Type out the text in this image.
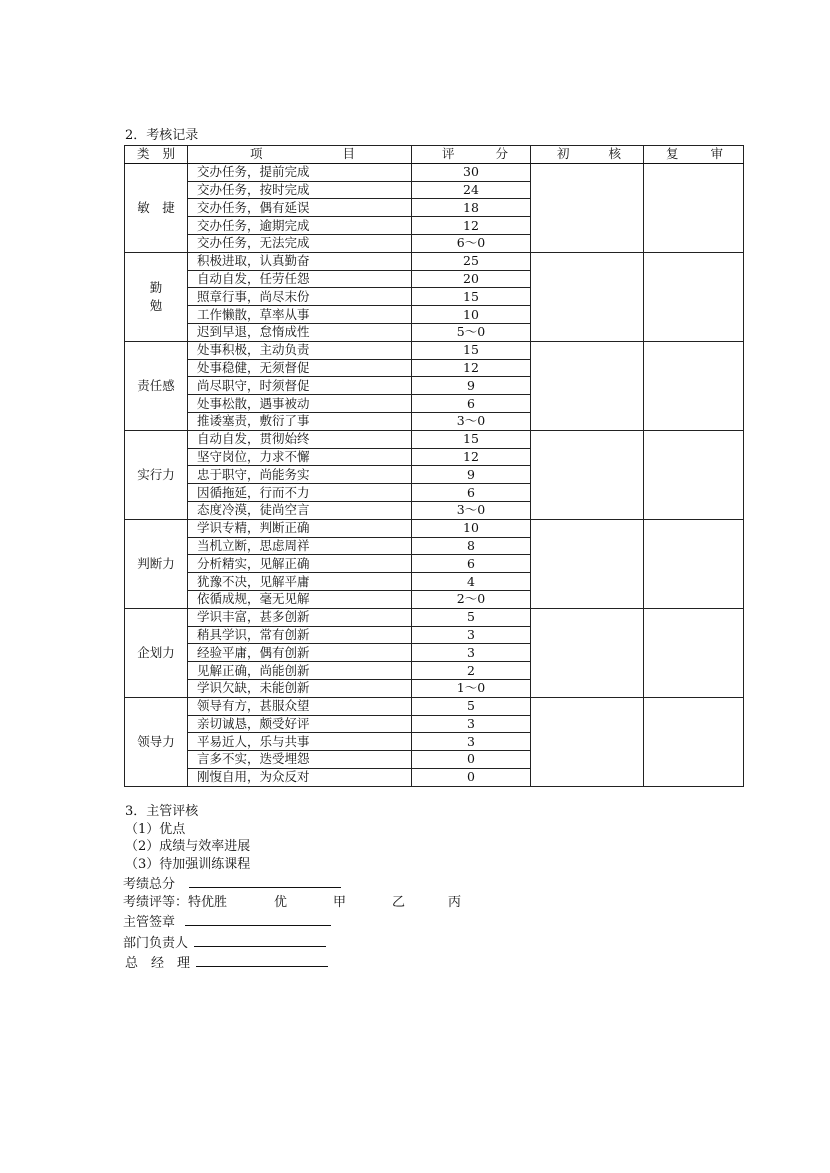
2．考核记录
类 别	项 目	评 分	初 核	复 审

敏　捷	交办任务，提前完成	30		
	交办任务，按时完成	24		
	交办任务，偶有延误	18		
	交办任务，逾期完成	12		
	交办任务，无法完成	6～0		

勤
勉	积极进取，认真勤奋	25		
	自动自发，任劳任怨	20		
	照章行事，尚尽末份	15		
	工作懒散，草率从事	10		
	迟到早退，怠惰成性	5～0		
责任感	处事积极，主动负责	15		
	处事稳健，无须督促	12		
	尚尽职守，时须督促	9		
	处事松散，遇事被动	6		
	推诿塞责，敷衍了事	3～0		
实行力	自动自发，贯彻始终	15		
	坚守岗位，力求不懈	12		
	忠于职守，尚能务实	9		
	因循拖延，行而不力	6		
	态度冷漠，徒尚空言	3～0		
判断力	学识专精，判断正确	10		
	当机立断，思虑周祥	8		
	分析精实，见解正确	6		
	犹豫不决，见解平庸	4		
	依循成规，毫无见解	2～0		
企划力	学识丰富，甚多创新	5		
	稍具学识，常有创新	3		
	经验平庸，偶有创新	3		
	见解正确，尚能创新	2		
	学识欠缺，未能创新	1～0		
领导力	领导有方，甚服众望	5		
	亲切诚恳，颇受好评	3		
	平易近人，乐与共事	3		
	言多不实，迭受埋怨	0		
	刚愎自用，为众反对	0		
3．主管评核
（1）优点
（2）成绩与效率进展
（3）待加强训练课程
考绩总分
考绩评等：特优胜	优	甲	乙	丙
主管签章
部门负责人
总　经　理
